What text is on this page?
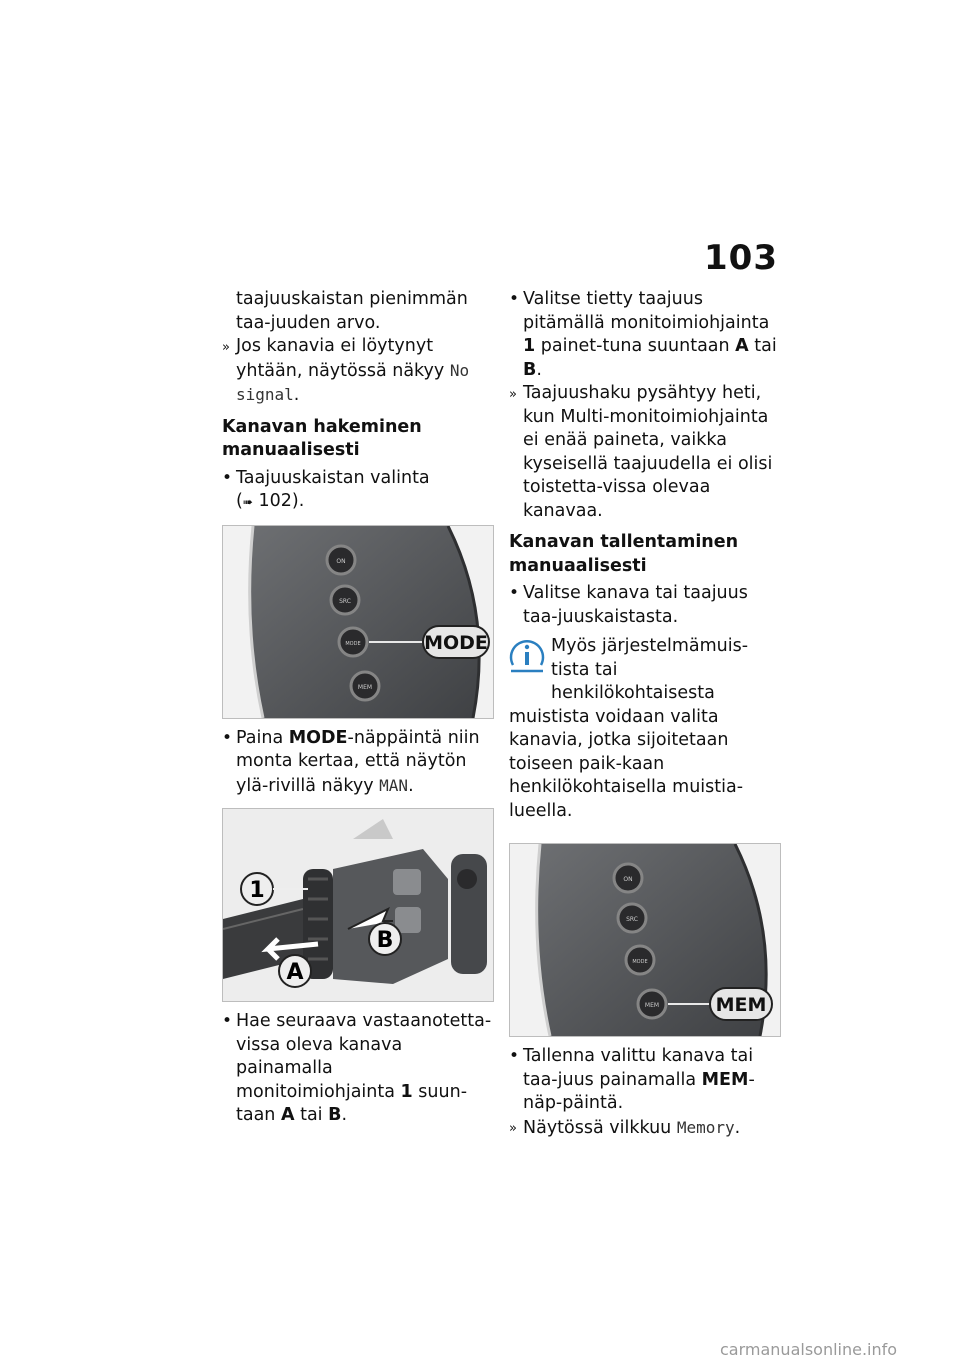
103

taajuuskaistan pienimmän taa-juuden arvo.

» Jos kanavia ei löytynyt yhtään, näytössä näkyy No signal.

Kanavan hakeminen manuaalisesti

• Taajuuskaistan valinta
(➠ 102).

ON
SRC
MODE
MEM
MODE

• Paina MODE-näppäintä niin monta kertaa, että näytön ylä-rivillä näkyy MAN.

1
A
B

• Hae seuraava vastaanotetta-vissa oleva kanava painamalla monitoimiohjainta 1 suun-taan A tai B.

• Valitse tietty taajuus pitämällä monitoimiohjainta 1 painet-tuna suuntaan A tai B.

» Taajuushaku pysähtyy heti, kun Multi-monitoimiohjainta ei enää paineta, vaikka kyseisellä taajuudella ei olisi toistetta-vissa olevaa kanavaa.

Kanavan tallentaminen manuaalisesti

• Valitse kanava tai taajuus taa-juuskaistasta.

Myös järjestelmämuis-tista tai henkilökohtaisesta
muistista voidaan valita kanavia, jotka sijoitetaan toiseen paik-kaan henkilökohtaisella muistia-lueella.
ON
SRC
MODE
MEM	MEM

• Tallenna valittu kanava tai taa-juus painamalla MEM-näp-päintä.

» Näytössä vilkkuu Memory.

carmanualsonline.info
